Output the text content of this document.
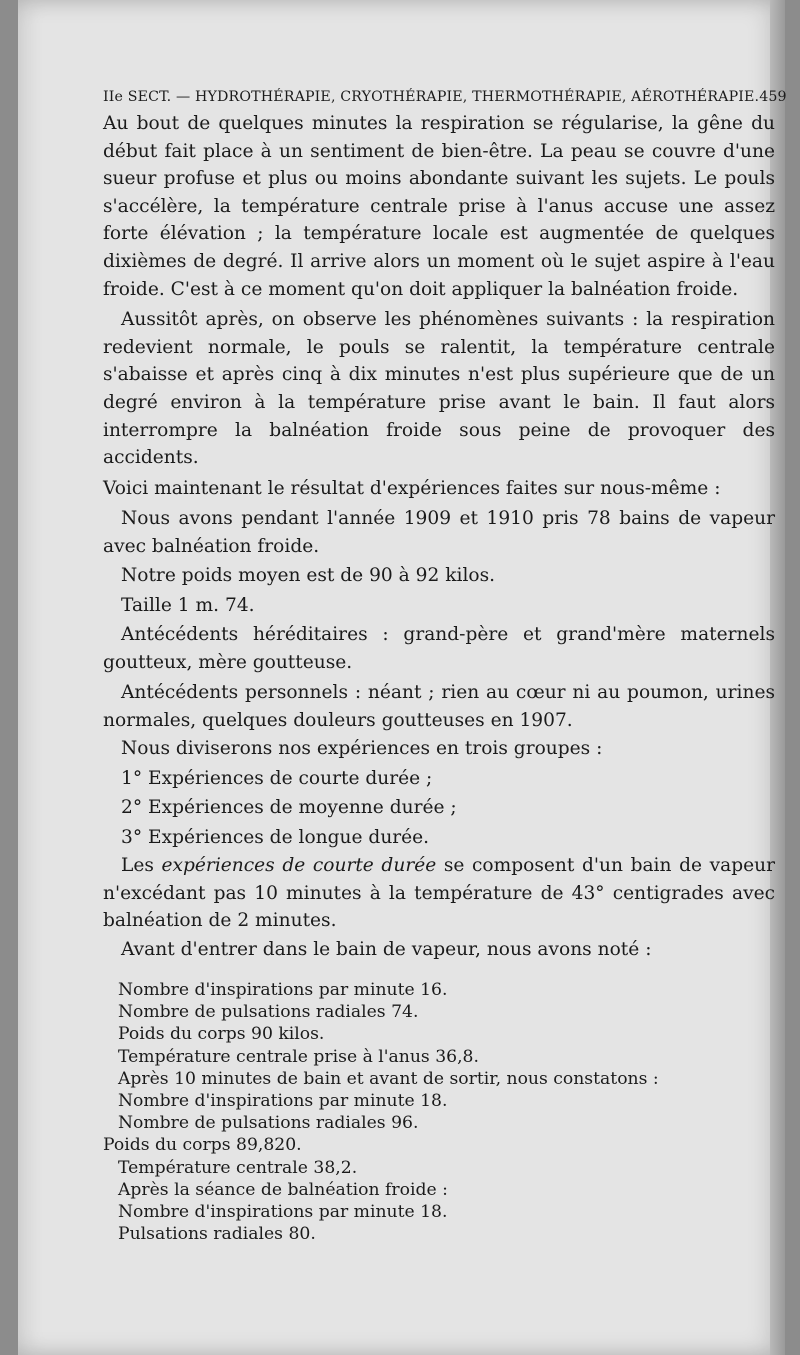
IIe SECT. — HYDROTHÉRAPIE, CRYOTHÉRAPIE, THERMOTHÉRAPIE, AÉROTHÉRAPIE. 459

Au bout de quelques minutes la respiration se régularise, la gêne du début fait place à un sentiment de bien-être. La peau se couvre d'une sueur profuse et plus ou moins abondante suivant les sujets. Le pouls s'accélère, la température centrale prise à l'anus accuse une assez forte élévation ; la température locale est augmentée de quelques dixièmes de degré. Il arrive alors un moment où le sujet aspire à l'eau froide. C'est à ce moment qu'on doit appliquer la balnéation froide.

Aussitôt après, on observe les phénomènes suivants : la respiration redevient normale, le pouls se ralentit, la température centrale s'abaisse et après cinq à dix minutes n'est plus supérieure que de un degré environ à la température prise avant le bain. Il faut alors interrompre la balnéation froide sous peine de provoquer des accidents.

Voici maintenant le résultat d'expériences faites sur nous-même :

Nous avons pendant l'année 1909 et 1910 pris 78 bains de vapeur avec balnéation froide.

Notre poids moyen est de 90 à 92 kilos.

Taille 1 m. 74.

Antécédents héréditaires : grand-père et grand'mère maternels goutteux, mère goutteuse.

Antécédents personnels : néant ; rien au cœur ni au poumon, urines normales, quelques douleurs goutteuses en 1907.

Nous diviserons nos expériences en trois groupes :

1° Expériences de courte durée ;

2° Expériences de moyenne durée ;

3° Expériences de longue durée.

Les expériences de courte durée se composent d'un bain de vapeur n'excédant pas 10 minutes à la température de 43° centigrades avec balnéation de 2 minutes.

Avant d'entrer dans le bain de vapeur, nous avons noté :

Nombre d'inspirations par minute 16.

Nombre de pulsations radiales 74.

Poids du corps 90 kilos.

Température centrale prise à l'anus 36,8.

Après 10 minutes de bain et avant de sortir, nous constatons :

Nombre d'inspirations par minute 18.

Nombre de pulsations radiales 96.

Poids du corps 89,820.

Température centrale 38,2.

Après la séance de balnéation froide :

Nombre d'inspirations par minute 18.

Pulsations radiales 80.
